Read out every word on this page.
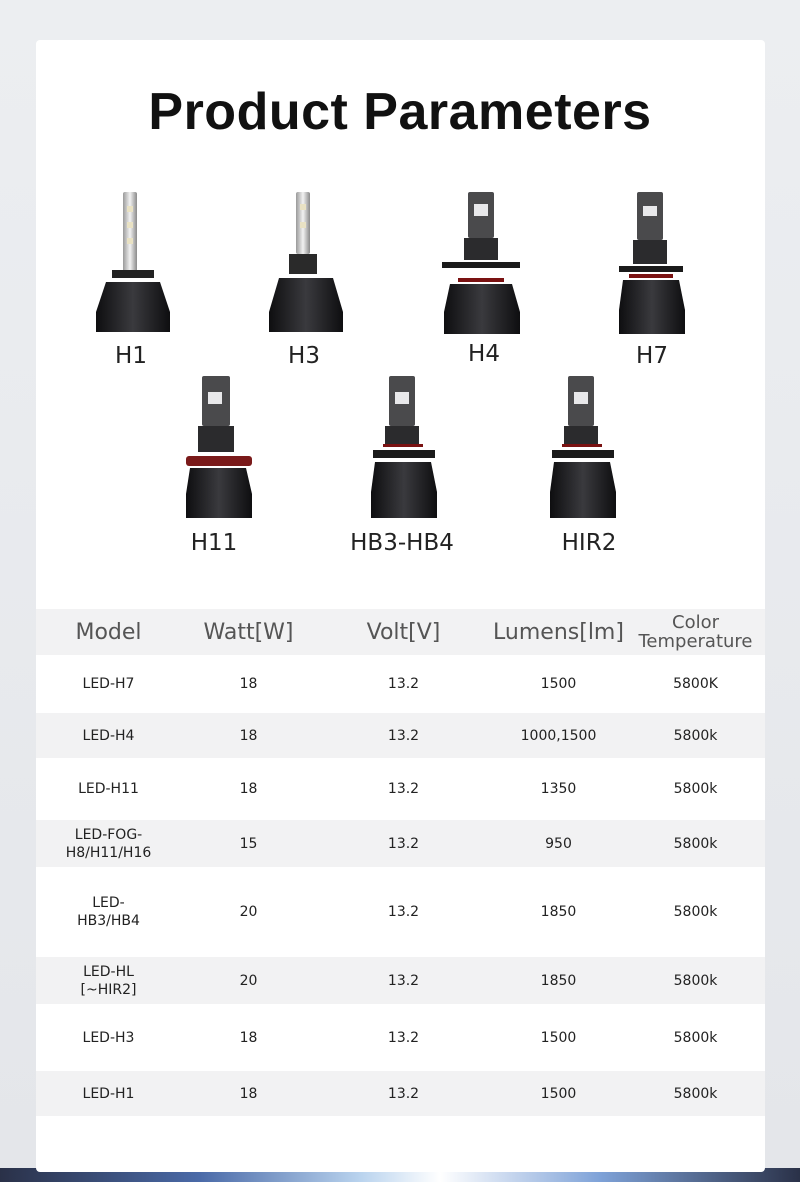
Product Parameters
H1	H3	H4	H7
H11	HB3-HB4	HIR2
Model	Watt[W]	Volt[V]	Lumens[lm]	Color
Temperature

LED-H7	18	13.2	1500	5800K

LED-H4	18	13.2	1000,1500	5800k

LED-H11	18	13.2	1350	5800k

LED-FOG-
H8/H11/H16	15	13.2	950	5800k

LED-
HB3/HB4	20	13.2	1850	5800k

LED-HL
[~HIR2]	20	13.2	1850	5800k

LED-H3	18	13.2	1500	5800k

LED-H1	18	13.2	1500	5800k
